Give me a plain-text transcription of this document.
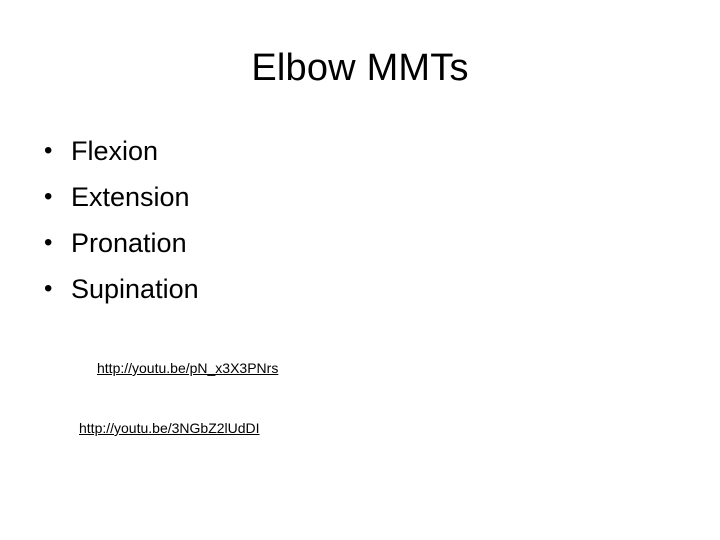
Elbow MMTs
• Flexion
• Extension
• Pronation
• Supination
http://youtu.be/pN_x3X3PNrs
http://youtu.be/3NGbZ2lUdDI
